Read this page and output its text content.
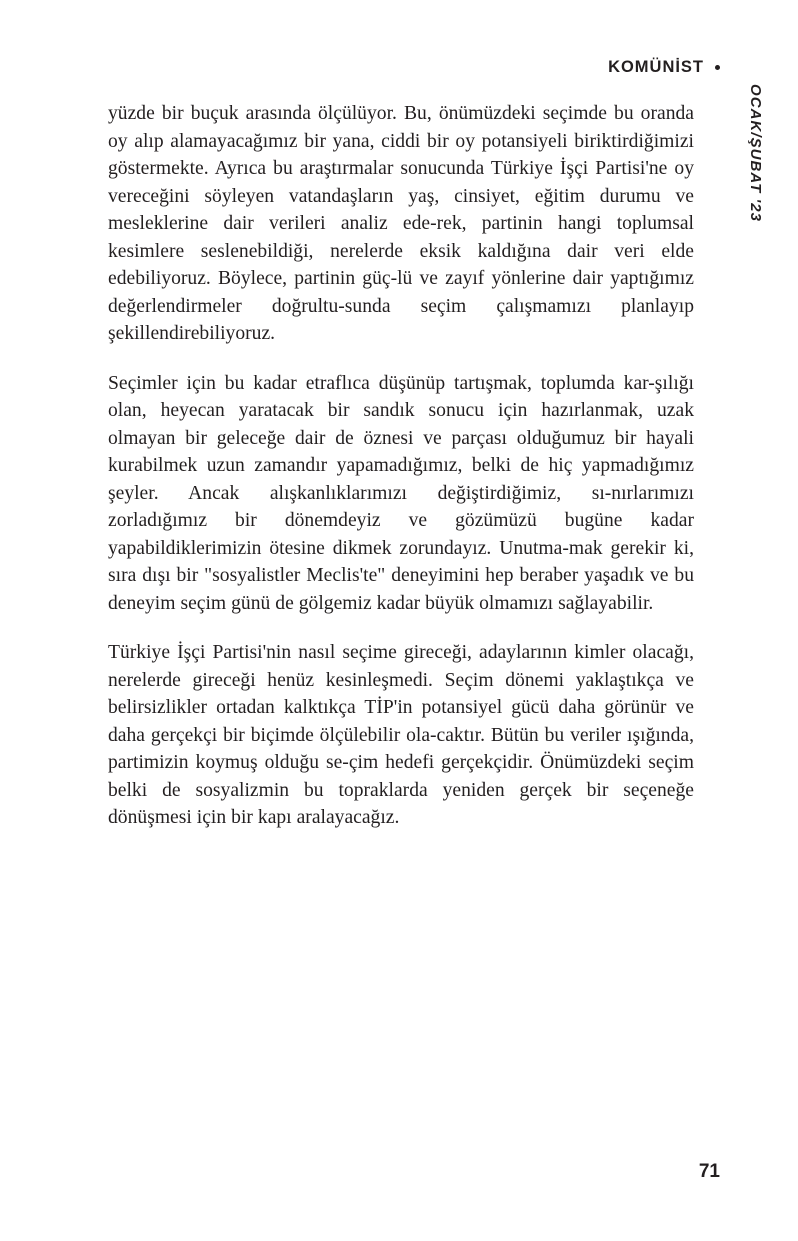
KOMÜNİST
OCAK/ŞUBAT '23

yüzde bir buçuk arasında ölçülüyor. Bu, önümüzdeki seçimde bu oranda oy alıp alamayacağımız bir yana, ciddi bir oy potansiyeli biriktirdiğimizi göstermekte. Ayrıca bu araştırmalar sonucunda Türkiye İşçi Partisi'ne oy vereceğini söyleyen vatandaşların yaş, cinsiyet, eğitim durumu ve mesleklerine dair verileri analiz ede-rek, partinin hangi toplumsal kesimlere seslenebildiği, nerelerde eksik kaldığına dair veri elde edebiliyoruz. Böylece, partinin güç-lü ve zayıf yönlerine dair yaptığımız değerlendirmeler doğrultu-sunda seçim çalışmamızı planlayıp şekillendirebiliyoruz.

Seçimler için bu kadar etraflıca düşünüp tartışmak, toplumda kar-şılığı olan, heyecan yaratacak bir sandık sonucu için hazırlanmak, uzak olmayan bir geleceğe dair de öznesi ve parçası olduğumuz bir hayali kurabilmek uzun zamandır yapamadığımız, belki de hiç yapmadığımız şeyler. Ancak alışkanlıklarımızı değiştirdiğimiz, sı-nırlarımızı zorladığımız bir dönemdeyiz ve gözümüzü bugüne kadar yapabildiklerimizin ötesine dikmek zorundayız. Unutma-mak gerekir ki, sıra dışı bir "sosyalistler Meclis'te" deneyimini hep beraber yaşadık ve bu deneyim seçim günü de gölgemiz kadar büyük olmamızı sağlayabilir.

Türkiye İşçi Partisi'nin nasıl seçime gireceği, adaylarının kimler olacağı, nerelerde gireceği henüz kesinleşmedi. Seçim dönemi yaklaştıkça ve belirsizlikler ortadan kalktıkça TİP'in potansiyel gücü daha görünür ve daha gerçekçi bir biçimde ölçülebilir ola-caktır. Bütün bu veriler ışığında, partimizin koymuş olduğu se-çim hedefi gerçekçidir. Önümüzdeki seçim belki de sosyalizmin bu topraklarda yeniden gerçek bir seçeneğe dönüşmesi için bir kapı aralayacağız.

71
